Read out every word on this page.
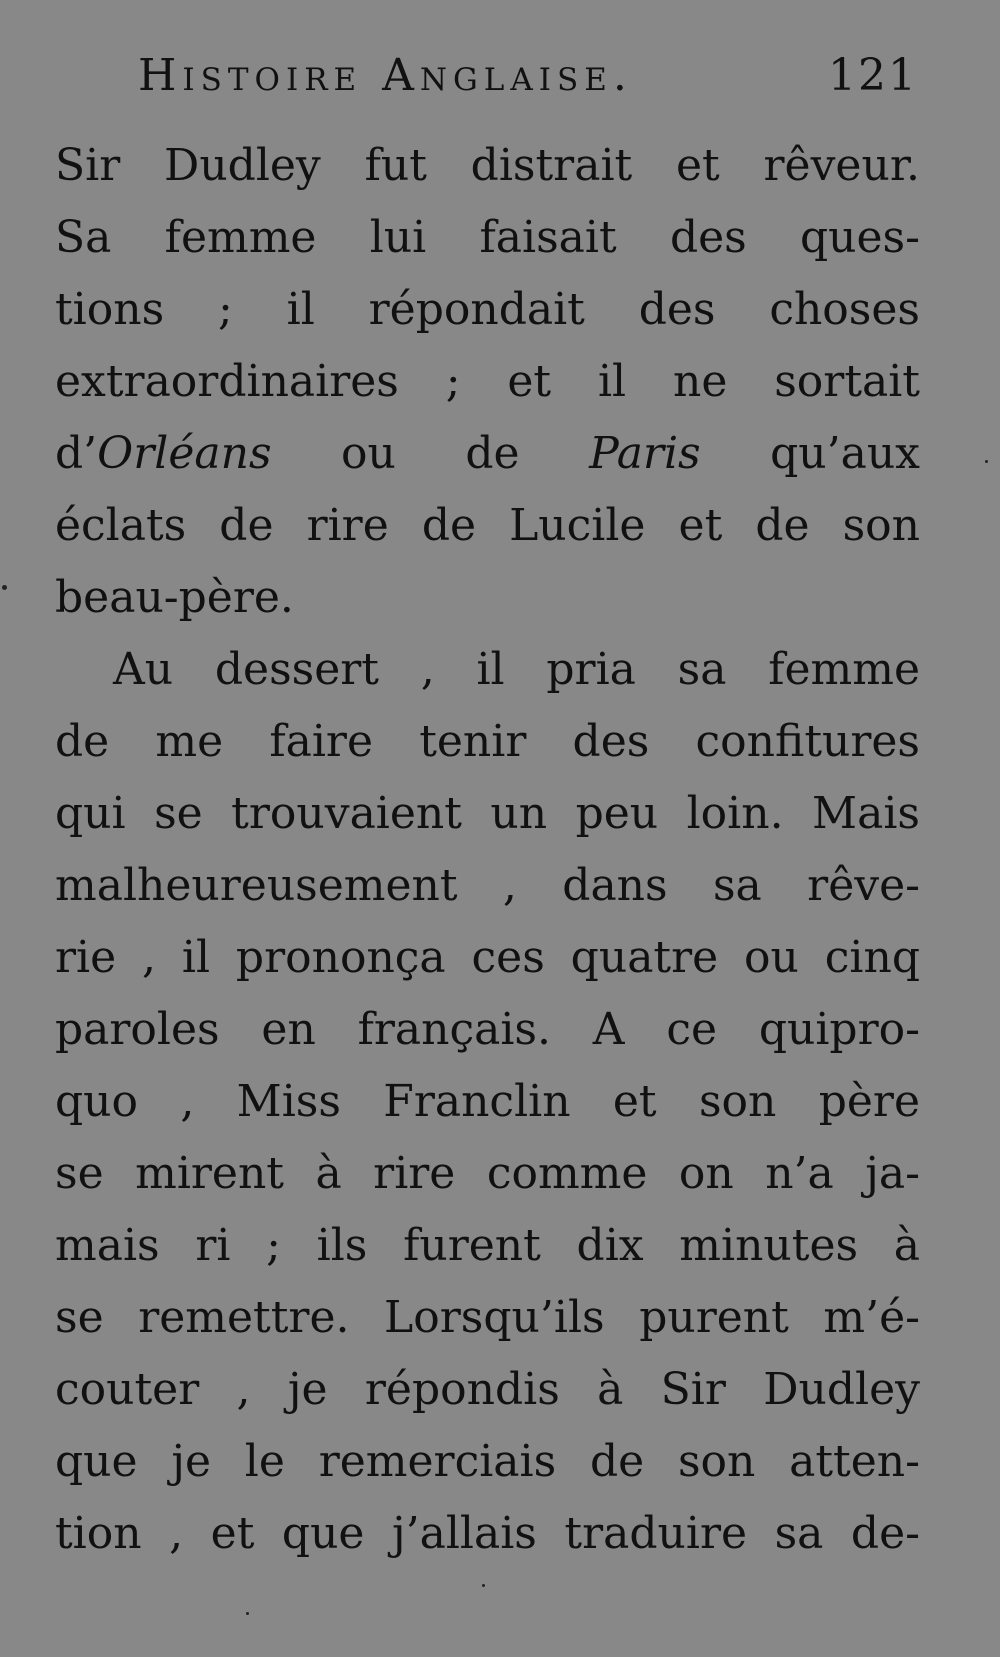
Histoire Anglaise.	121
Sir Dudley fut distrait et rêveur.
Sa femme lui faisait des ques-
tions ; il répondait des choses
extraordinaires ; et il ne sortait
d’Orléans ou de Paris qu’aux
éclats de rire de Lucile et de son
beau-père.
Au dessert , il pria sa femme
de me faire tenir des confitures
qui se trouvaient un peu loin. Mais
malheureusement , dans sa rêve-
rie , il prononça ces quatre ou cinq
paroles en français. A ce quipro-
quo , Miss Franclin et son père
se mirent à rire comme on n’a ja-
mais ri ; ils furent dix minutes à
se remettre. Lorsqu’ils purent m’é-
couter , je répondis à Sir Dudley
que je le remerciais de son atten-
tion , et que j’allais traduire sa de-
